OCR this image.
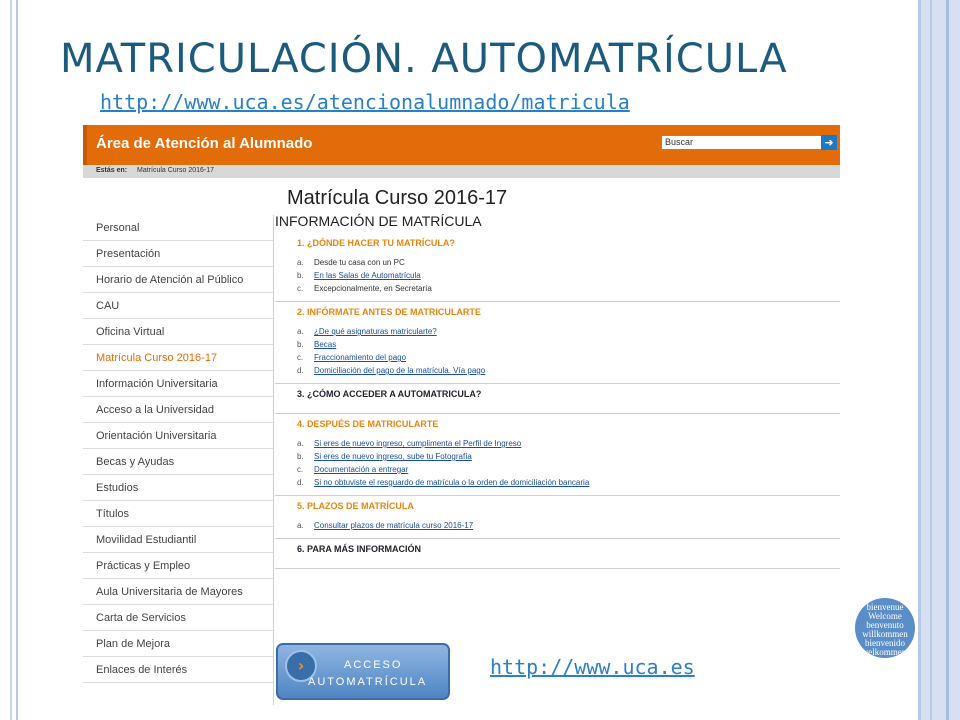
MATRICULACIÓN. AUTOMATRÍCULA
http://www.uca.es/atencionalumnado/matricula
Área de Atención al Alumnado	Buscar	➜
Estás en: Matrícula Curso 2016-17
Matrícula Curso 2016-17
Personal
Presentación
Horario de Atención al Público
CAU
Oficina Virtual
Matrícula Curso 2016-17
Información Universitaria
Acceso a la Universidad
Orientación Universitaria
Becas y Ayudas
Estudios
Títulos
Movilidad Estudiantil
Prácticas y Empleo
Aula Universitaria de Mayores
Carta de Servicios
Plan de Mejora
Enlaces de Interés
INFORMACIÓN DE MATRÍCULA
1. ¿DÓNDE HACER TU MATRÍCULA?
a. Desde tu casa con un PC
b. En las Salas de Automatrícula
c. Excepcionalmente, en Secretaría
2. INFÓRMATE ANTES DE MATRICULARTE
a. ¿De qué asignaturas matricularte?
b. Becas
c. Fraccionamiento del pago
d. Domiciliación del pago de la matrícula. Vía pago
3. ¿CÓMO ACCEDER A AUTOMATRICULA?
4. DESPUÉS DE MATRICULARTE
a. Si eres de nuevo ingreso, cumplimenta el Perfil de Ingreso
b. Si eres de nuevo ingreso, sube tu Fotografía
c. Documentación a entregar
d. Si no obtuviste el resguardo de matrícula o la orden de domiciliación bancaria
5. PLAZOS DE MATRÍCULA
a. Consultar plazos de matrícula curso 2016-17
6. PARA MÁS INFORMACIÓN
›	ACCESO
AUTOMATRÍCULA
http://www.uca.es
bienvenue
Welcome
benvenuto
willkommen
bienvenido
velkommen
